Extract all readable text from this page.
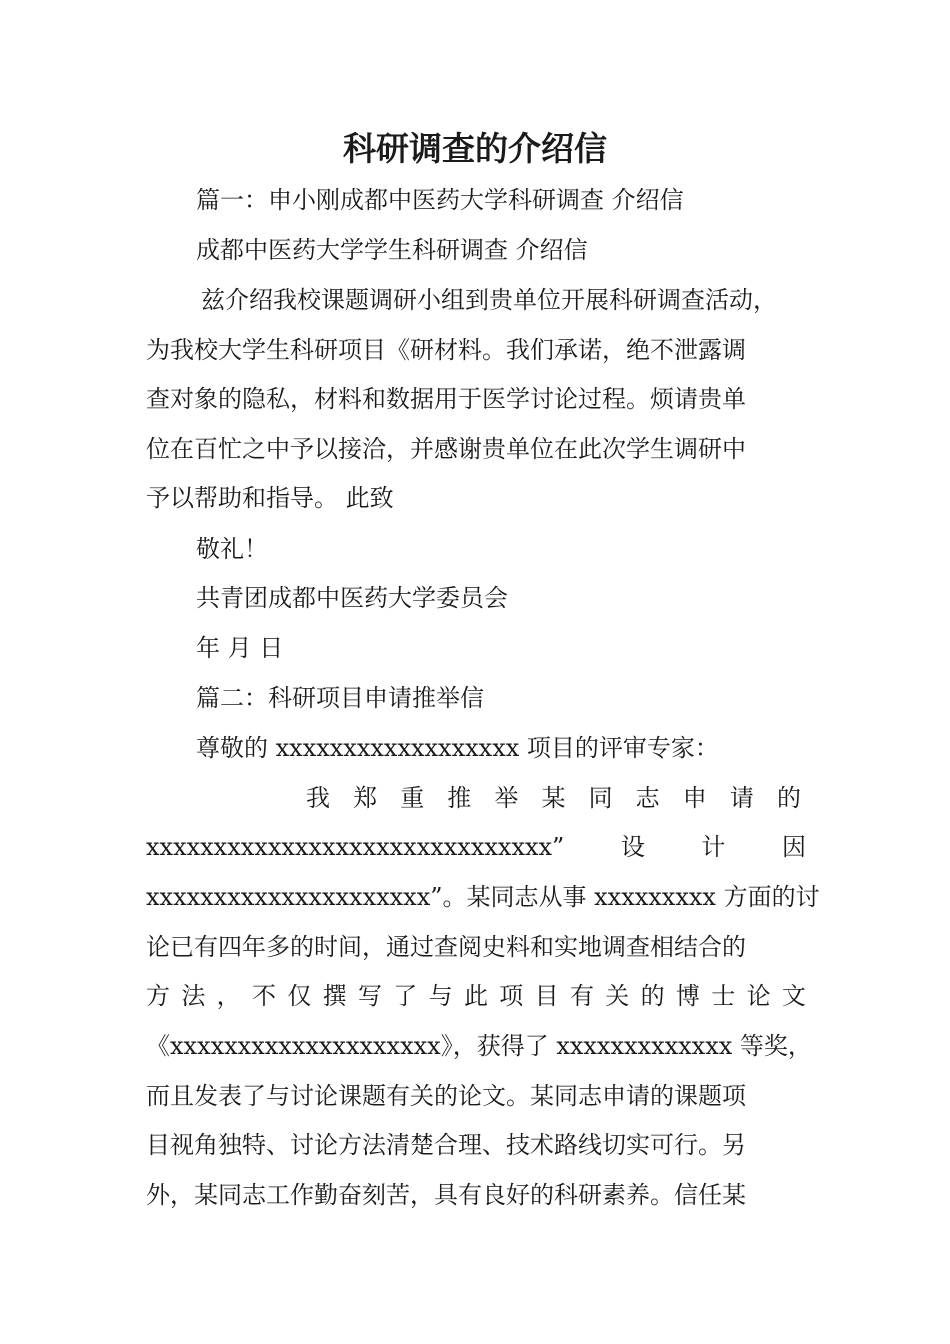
科研调查的介绍信
篇一：申小刚成都中医药大学科研调查 介绍信
成都中医药大学学生科研调查 介绍信
兹介绍我校课题调研小组到贵单位开展科研调查活动，
为我校大学生科研项目《研材料。我们承诺，绝不泄露调
查对象的隐私，材料和数据用于医学讨论过程。烦请贵单
位在百忙之中予以接洽，并感谢贵单位在此次学生调研中
予以帮助和指导。 此致
敬礼！
共青团成都中医药大学委员会
年 月 日
篇二：科研项目申请推举信
尊敬的 xxxxxxxxxxxxxxxxxx 项目的评审专家：
我 郑 重 推 举 某 同 志 申 请 的
xxxxxxxxxxxxxxxxxxxxxxxxxxxxxx” 设 计 因
xxxxxxxxxxxxxxxxxxxxx”。某同志从事 xxxxxxxxx 方面的讨
论已有四年多的时间，通过查阅史料和实地调查相结合的
方 法 ， 不 仅 撰 写 了 与 此 项 目 有 关 的 博 士 论 文
《xxxxxxxxxxxxxxxxxxxx》，获得了 xxxxxxxxxxxxx 等奖，
而且发表了与讨论课题有关的论文。某同志申请的课题项
目视角独特、讨论方法清楚合理、技术路线切实可行。另
外，某同志工作勤奋刻苦，具有良好的科研素养。信任某
